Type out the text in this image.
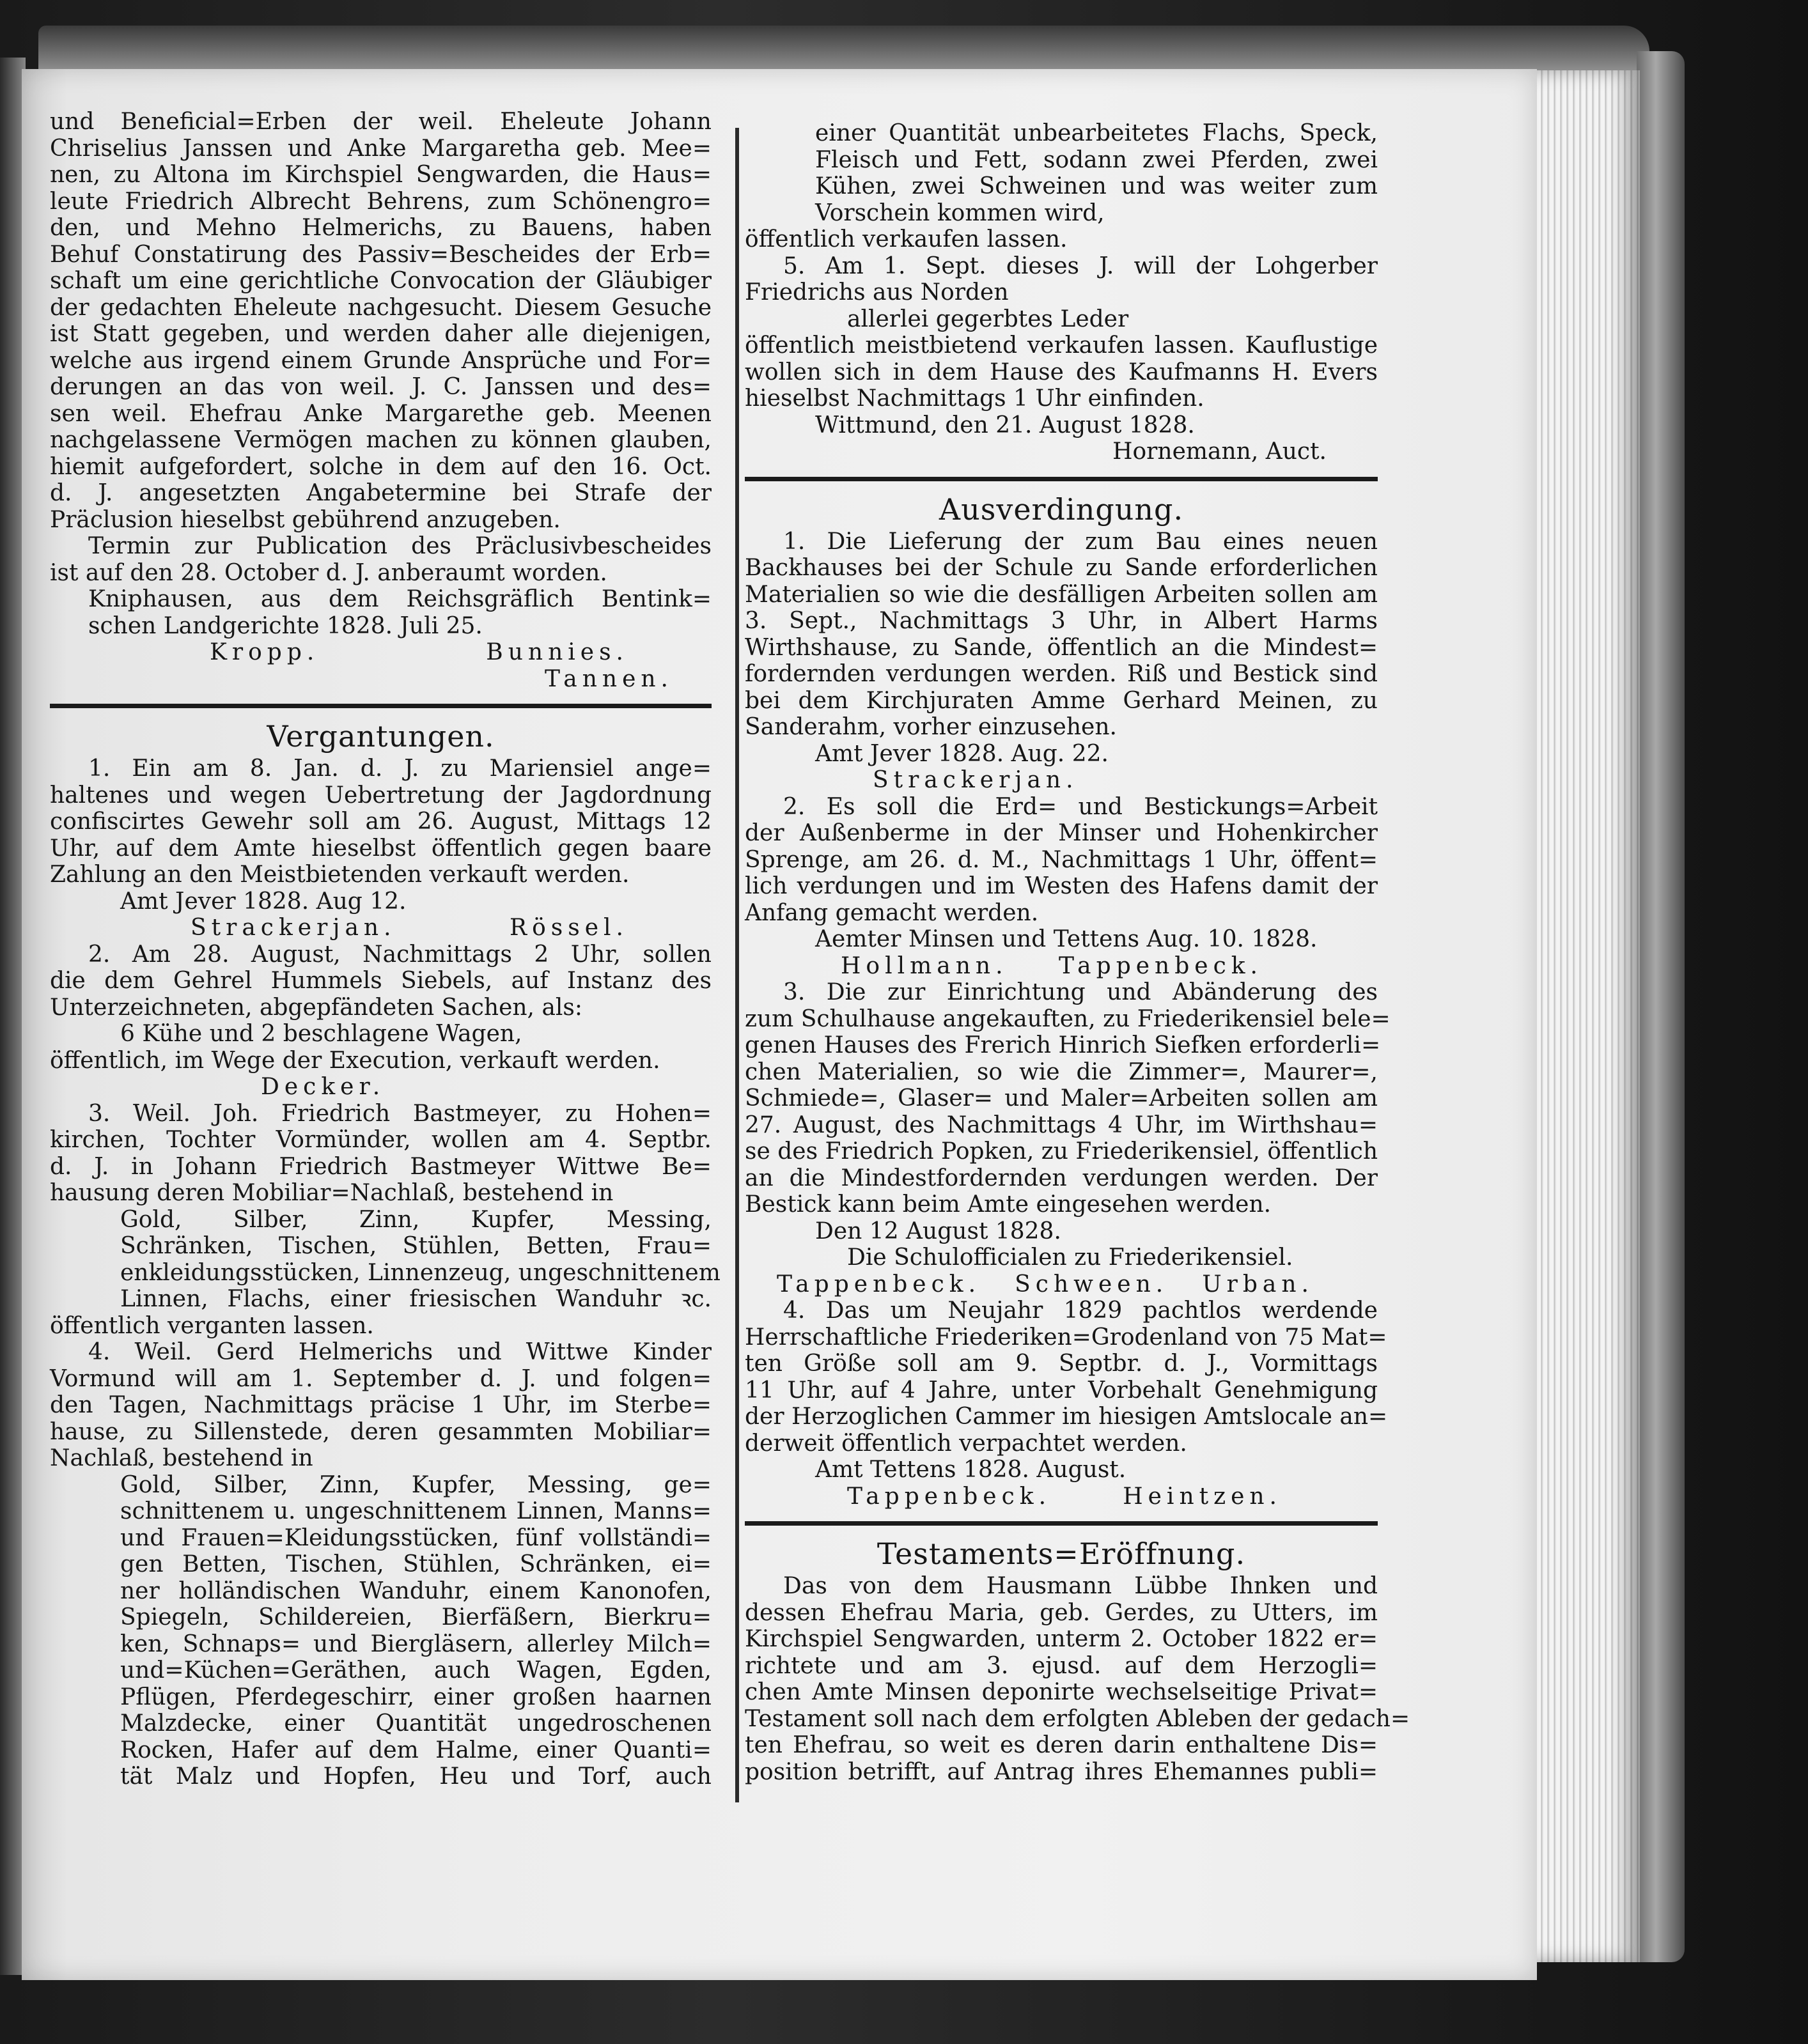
und Beneficial=Erben der weil. Eheleute Johann
Chriselius Janssen und Anke Margaretha geb. Mee=
nen, zu Altona im Kirchspiel Sengwarden, die Haus=
leute Friedrich Albrecht Behrens, zum Schönengro=
den, und Mehno Helmerichs, zu Bauens, haben
Behuf Constatirung des Passiv=Bescheides der Erb=
schaft um eine gerichtliche Convocation der Gläubiger
der gedachten Eheleute nachgesucht. Diesem Gesuche
ist Statt gegeben, und werden daher alle diejenigen,
welche aus irgend einem Grunde Ansprüche und For=
derungen an das von weil. J. C. Janssen und des=
sen weil. Ehefrau Anke Margarethe geb. Meenen
nachgelassene Vermögen machen zu können glauben,
hiemit aufgefordert, solche in dem auf den 16. Oct.
d. J. angesetzten Angabetermine bei Strafe der
Präclusion hieselbst gebührend anzugeben.
Termin zur Publication des Präclusivbescheides
ist auf den 28. October d. J. anberaumt worden.
Kniphausen, aus dem Reichsgräflich Bentink=
schen Landgerichte 1828. Juli 25.
Kropp.	Bunnies.
Tannen.
Vergantungen.
1. Ein am 8. Jan. d. J. zu Mariensiel ange=
haltenes und wegen Uebertretung der Jagdordnung
confiscirtes Gewehr soll am 26. August, Mittags 12
Uhr, auf dem Amte hieselbst öffentlich gegen baare
Zahlung an den Meistbietenden verkauft werden.
Amt Jever 1828. Aug 12.
Strackerjan.	Rössel.
2. Am 28. August, Nachmittags 2 Uhr, sollen
die dem Gehrel Hummels Siebels, auf Instanz des
Unterzeichneten, abgepfändeten Sachen, als:
6 Kühe und 2 beschlagene Wagen,
öffentlich, im Wege der Execution, verkauft werden.
Decker.
3. Weil. Joh. Friedrich Bastmeyer, zu Hohen=
kirchen, Tochter Vormünder, wollen am 4. Septbr.
d. J. in Johann Friedrich Bastmeyer Wittwe Be=
hausung deren Mobiliar=Nachlaß, bestehend in
Gold, Silber, Zinn, Kupfer, Messing,
Schränken, Tischen, Stühlen, Betten, Frau=
enkleidungsstücken, Linnenzeug, ungeschnittenem
Linnen, Flachs, einer friesischen Wanduhr ꝛc.
öffentlich verganten lassen.
4. Weil. Gerd Helmerichs und Wittwe Kinder
Vormund will am 1. September d. J. und folgen=
den Tagen, Nachmittags präcise 1 Uhr, im Sterbe=
hause, zu Sillenstede, deren gesammten Mobiliar=
Nachlaß, bestehend in
Gold, Silber, Zinn, Kupfer, Messing, ge=
schnittenem u. ungeschnittenem Linnen, Manns=
und Frauen=Kleidungsstücken, fünf vollständi=
gen Betten, Tischen, Stühlen, Schränken, ei=
ner holländischen Wanduhr, einem Kanonofen,
Spiegeln, Schildereien, Bierfäßern, Bierkru=
ken, Schnaps= und Biergläsern, allerley Milch=
und=Küchen=Geräthen, auch Wagen, Egden,
Pflügen, Pferdegeschirr, einer großen haarnen
Malzdecke, einer Quantität ungedroschenen
Rocken, Hafer auf dem Halme, einer Quanti=
tät Malz und Hopfen, Heu und Torf, auch
einer Quantität unbearbeitetes Flachs, Speck,
Fleisch und Fett, sodann zwei Pferden, zwei
Kühen, zwei Schweinen und was weiter zum
Vorschein kommen wird,
öffentlich verkaufen lassen.
5. Am 1. Sept. dieses J. will der Lohgerber
Friedrichs aus Norden
allerlei gegerbtes Leder
öffentlich meistbietend verkaufen lassen. Kauflustige
wollen sich in dem Hause des Kaufmanns H. Evers
hieselbst Nachmittags 1 Uhr einfinden.
Wittmund, den 21. August 1828.
Hornemann, Auct.
Ausverdingung.
1. Die Lieferung der zum Bau eines neuen
Backhauses bei der Schule zu Sande erforderlichen
Materialien so wie die desfälligen Arbeiten sollen am
3. Sept., Nachmittags 3 Uhr, in Albert Harms
Wirthshause, zu Sande, öffentlich an die Mindest=
fordernden verdungen werden. Riß und Bestick sind
bei dem Kirchjuraten Amme Gerhard Meinen, zu
Sanderahm, vorher einzusehen.
Amt Jever 1828. Aug. 22.
Strackerjan.
2. Es soll die Erd= und Bestickungs=Arbeit
der Außenberme in der Minser und Hohenkircher
Sprenge, am 26. d. M., Nachmittags 1 Uhr, öffent=
lich verdungen und im Westen des Hafens damit der
Anfang gemacht werden.
Aemter Minsen und Tettens Aug. 10. 1828.
Hollmann. Tappenbeck.
3. Die zur Einrichtung und Abänderung des
zum Schulhause angekauften, zu Friederikensiel bele=
genen Hauses des Frerich Hinrich Siefken erforderli=
chen Materialien, so wie die Zimmer=, Maurer=,
Schmiede=, Glaser= und Maler=Arbeiten sollen am
27. August, des Nachmittags 4 Uhr, im Wirthshau=
se des Friedrich Popken, zu Friederikensiel, öffentlich
an die Mindestfordernden verdungen werden. Der
Bestick kann beim Amte eingesehen werden.
Den 12 August 1828.
Die Schulofficialen zu Friederikensiel.
Tappenbeck. Schween. Urban.
4. Das um Neujahr 1829 pachtlos werdende
Herrschaftliche Friederiken=Grodenland von 75 Mat=
ten Größe soll am 9. Septbr. d. J., Vormittags
11 Uhr, auf 4 Jahre, unter Vorbehalt Genehmigung
der Herzoglichen Cammer im hiesigen Amtslocale an=
derweit öffentlich verpachtet werden.
Amt Tettens 1828. August.
Tappenbeck.	Heintzen.
Testaments=Eröffnung.
Das von dem Hausmann Lübbe Ihnken und
dessen Ehefrau Maria, geb. Gerdes, zu Utters, im
Kirchspiel Sengwarden, unterm 2. October 1822 er=
richtete und am 3. ejusd. auf dem Herzogli=
chen Amte Minsen deponirte wechselseitige Privat=
Testament soll nach dem erfolgten Ableben der gedach=
ten Ehefrau, so weit es deren darin enthaltene Dis=
position betrifft, auf Antrag ihres Ehemannes publi=
